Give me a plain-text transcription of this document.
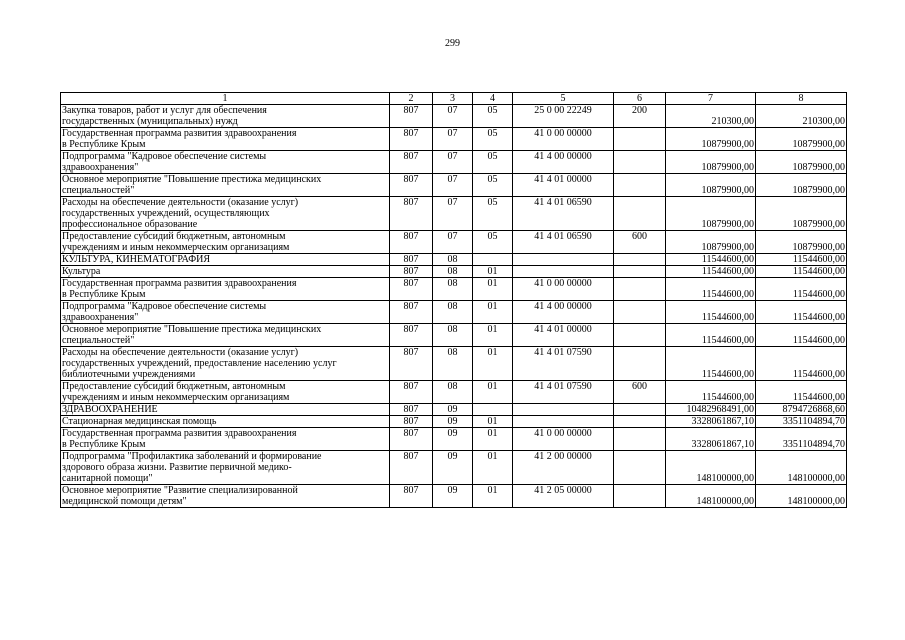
299
1	2	3	4	5	6	7	8
Закупка товаров, работ и услуг для обеспечения
государственных (муниципальных) нужд	807	07	05	25 0 00 22249	200	210300,00	210300,00
Государственная программа развития здравоохранения
в Республике Крым	807	07	05	41 0 00 00000		10879900,00	10879900,00
Подпрограмма "Кадровое обеспечение системы
здравоохранения"	807	07	05	41 4 00 00000		10879900,00	10879900,00
Основное мероприятие "Повышение престижа медицинских
специальностей"	807	07	05	41 4 01 00000		10879900,00	10879900,00
Расходы на обеспечение деятельности (оказание услуг)
государственных учреждений, осуществляющих
профессиональное образование	807	07	05	41 4 01 06590		10879900,00	10879900,00
Предоставление субсидий бюджетным, автономным
учреждениям и иным некоммерческим организациям	807	07	05	41 4 01 06590	600	10879900,00	10879900,00
КУЛЬТУРА, КИНЕМАТОГРАФИЯ	807	08				11544600,00	11544600,00
Культура	807	08	01			11544600,00	11544600,00
Государственная программа развития здравоохранения
в Республике Крым	807	08	01	41 0 00 00000		11544600,00	11544600,00
Подпрограмма "Кадровое обеспечение системы
здравоохранения"	807	08	01	41 4 00 00000		11544600,00	11544600,00
Основное мероприятие "Повышение престижа медицинских
специальностей"	807	08	01	41 4 01 00000		11544600,00	11544600,00
Расходы на обеспечение деятельности (оказание услуг)
государственных учреждений, предоставление населению услуг
библиотечными учреждениями	807	08	01	41 4 01 07590		11544600,00	11544600,00
Предоставление субсидий бюджетным, автономным
учреждениям и иным некоммерческим организациям	807	08	01	41 4 01 07590	600	11544600,00	11544600,00
ЗДРАВООХРАНЕНИЕ	807	09				10482968491,00	8794726868,60
Стационарная медицинская помощь	807	09	01			3328061867,10	3351104894,70
Государственная программа развития здравоохранения
в Республике Крым	807	09	01	41 0 00 00000		3328061867,10	3351104894,70
Подпрограмма "Профилактика заболеваний и формирование
здорового образа жизни. Развитие первичной медико-
санитарной помощи"	807	09	01	41 2 00 00000		148100000,00	148100000,00
Основное мероприятие "Развитие специализированной
медицинской помощи детям"	807	09	01	41 2 05 00000		148100000,00	148100000,00
